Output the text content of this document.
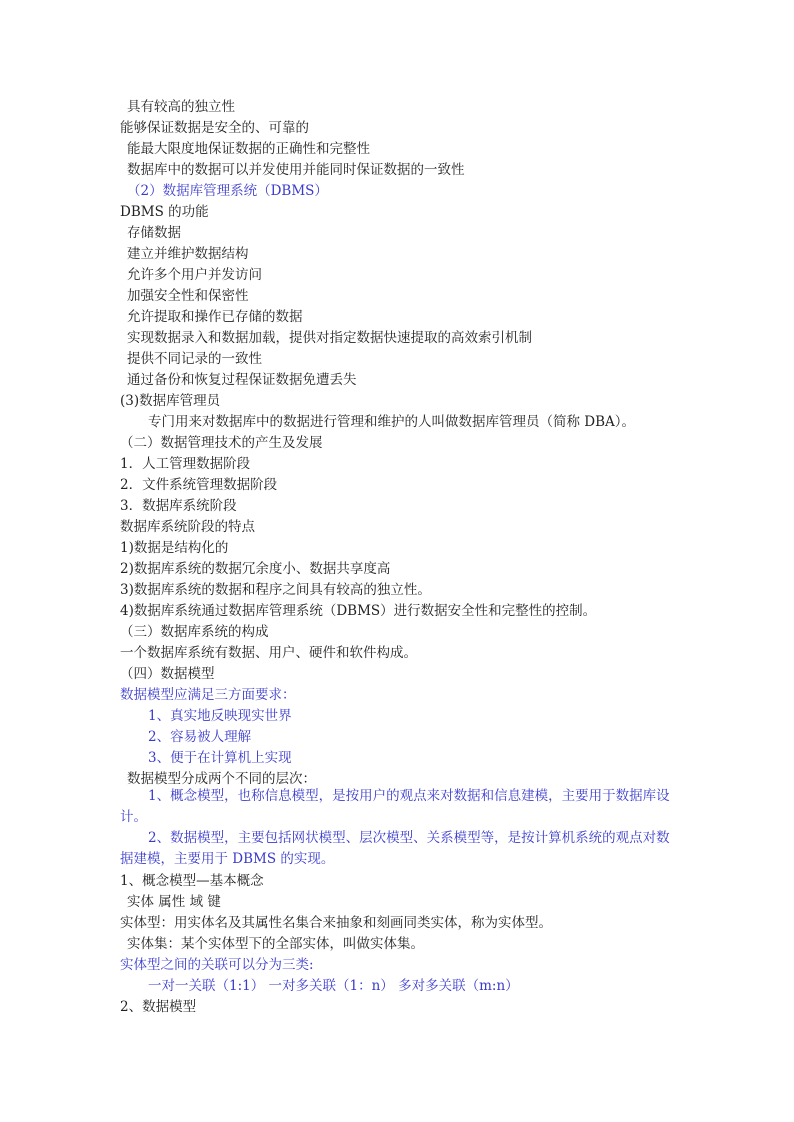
具有较高的独立性
能够保证数据是安全的、可靠的
能最大限度地保证数据的正确性和完整性
数据库中的数据可以并发使用并能同时保证数据的一致性
（2）数据库管理系统（DBMS）
DBMS 的功能
存储数据
建立并维护数据结构
允许多个用户并发访问
加强安全性和保密性
允许提取和操作已存储的数据
实现数据录入和数据加载，提供对指定数据快速提取的高效索引机制
提供不同记录的一致性
通过备份和恢复过程保证数据免遭丢失
(3)数据库管理员
专门用来对数据库中的数据进行管理和维护的人叫做数据库管理员（简称 DBA）。
（二）数据管理技术的产生及发展
1．人工管理数据阶段
2．文件系统管理数据阶段
3．数据库系统阶段
数据库系统阶段的特点
1)数据是结构化的
2)数据库系统的数据冗余度小、数据共享度高
3)数据库系统的数据和程序之间具有较高的独立性。
4)数据库系统通过数据库管理系统（DBMS）进行数据安全性和完整性的控制。
（三）数据库系统的构成
一个数据库系统有数据、用户、硬件和软件构成。
（四）数据模型
数据模型应满足三方面要求：
1、真实地反映现实世界
2、容易被人理解
3、便于在计算机上实现
数据模型分成两个不同的层次：
1、概念模型，也称信息模型，是按用户的观点来对数据和信息建模，主要用于数据库设计。
2、数据模型，主要包括网状模型、层次模型、关系模型等，是按计算机系统的观点对数据建模，主要用于 DBMS 的实现。
1、概念模型—基本概念
实体 属性 域 键
实体型：用实体名及其属性名集合来抽象和刻画同类实体，称为实体型。
实体集：某个实体型下的全部实体，叫做实体集。
实体型之间的关联可以分为三类:
一对一关联（1:1） 一对多关联（1：n） 多对多关联（m:n）
2、数据模型
